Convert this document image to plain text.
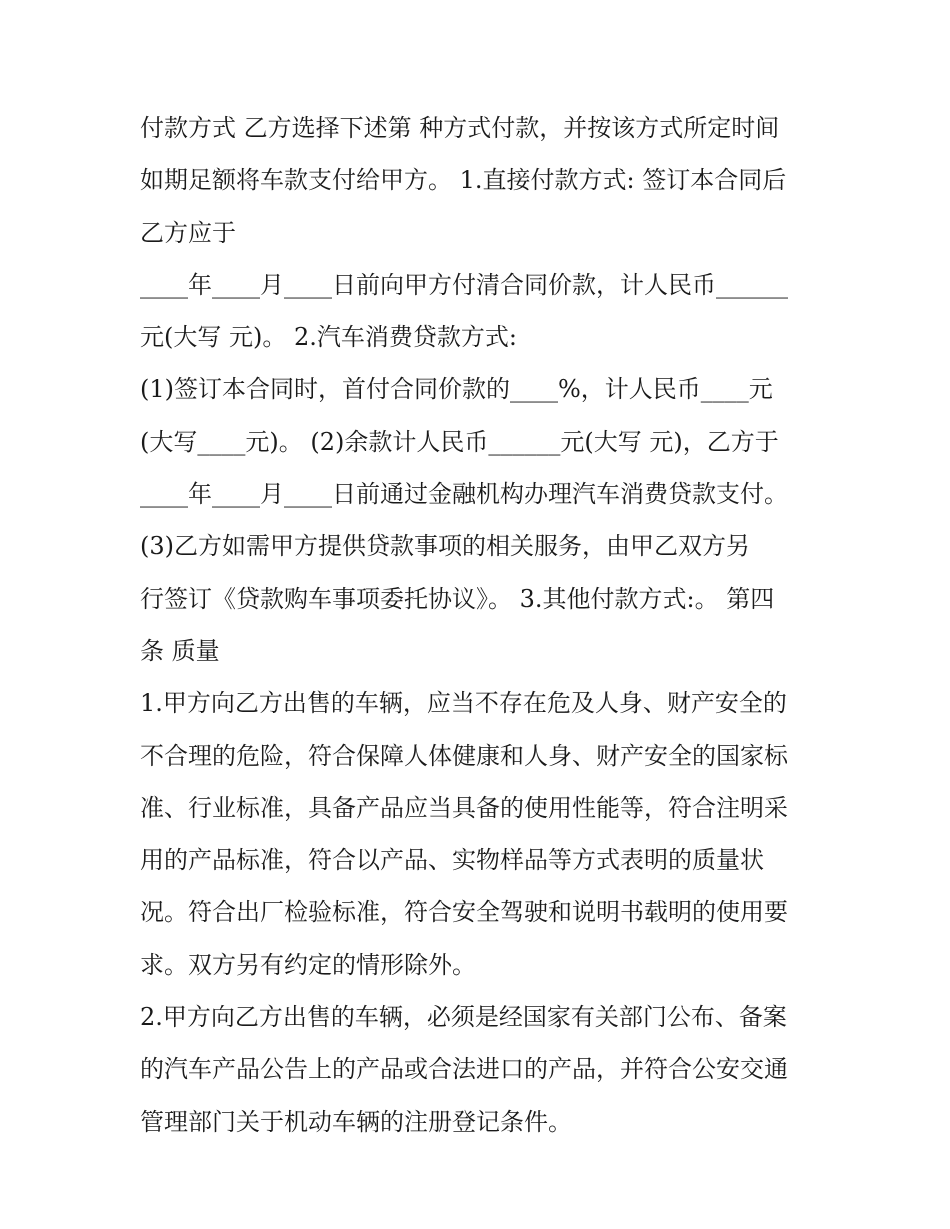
付款方式 乙方选择下述第 种方式付款，并按该方式所定时间
如期足额将车款支付给甲方。 1.直接付款方式: 签订本合同后
乙方应于
____年____月____日前向甲方付清合同价款，计人民币______
元(大写 元)。 2.汽车消费贷款方式:
(1)签订本合同时，首付合同价款的____%，计人民币____元
(大写____元)。 (2)余款计人民币______元(大写 元)，乙方于
____年____月____日前通过金融机构办理汽车消费贷款支付。
(3)乙方如需甲方提供贷款事项的相关服务，由甲乙双方另
行签订《贷款购车事项委托协议》。 3.其他付款方式:。 第四
条 质量
1.甲方向乙方出售的车辆，应当不存在危及人身、财产安全的
不合理的危险，符合保障人体健康和人身、财产安全的国家标
准、行业标准，具备产品应当具备的使用性能等，符合注明采
用的产品标准，符合以产品、实物样品等方式表明的质量状
况。符合出厂检验标准，符合安全驾驶和说明书载明的使用要
求。双方另有约定的情形除外。
2.甲方向乙方出售的车辆，必须是经国家有关部门公布、备案
的汽车产品公告上的产品或合法进口的产品，并符合公安交通
管理部门关于机动车辆的注册登记条件。
